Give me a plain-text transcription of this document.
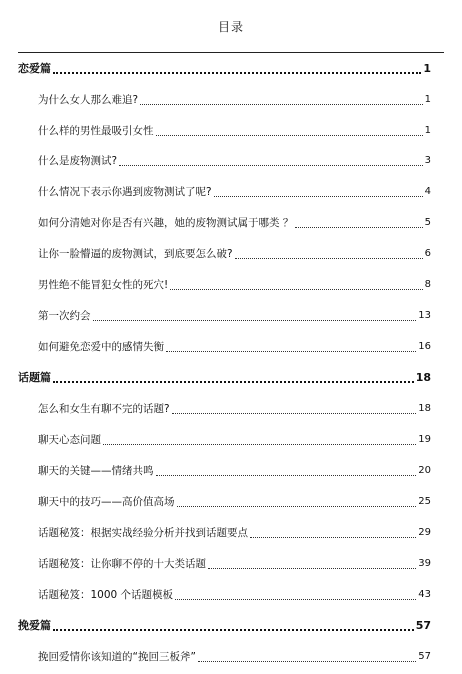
目录
恋爱篇	1
为什么女人那么难追?	1
什么样的男性最吸引女性	1
什么是废物测试?	3
什么情况下表示你遇到废物测试了呢?	4
如何分清她对你是否有兴趣，她的废物测试属于哪类 ？	5
让你一脸懵逼的废物测试，到底要怎么破?	6
男性绝不能冒犯女性的死穴!	8
第一次约会	13
如何避免恋爱中的感情失衡	16
话题篇	18
怎么和女生有聊不完的话题?	18
聊天心态问题	19
聊天的关键——情绪共鸣	20
聊天中的技巧——高价值高场	25
话题秘笈：根据实战经验分析并找到话题要点	29
话题秘笈：让你聊不停的十大类话题	39
话题秘笈：1000 个话题模板	43
挽爱篇	57
挽回爱情你该知道的“挽回三板斧”	57
